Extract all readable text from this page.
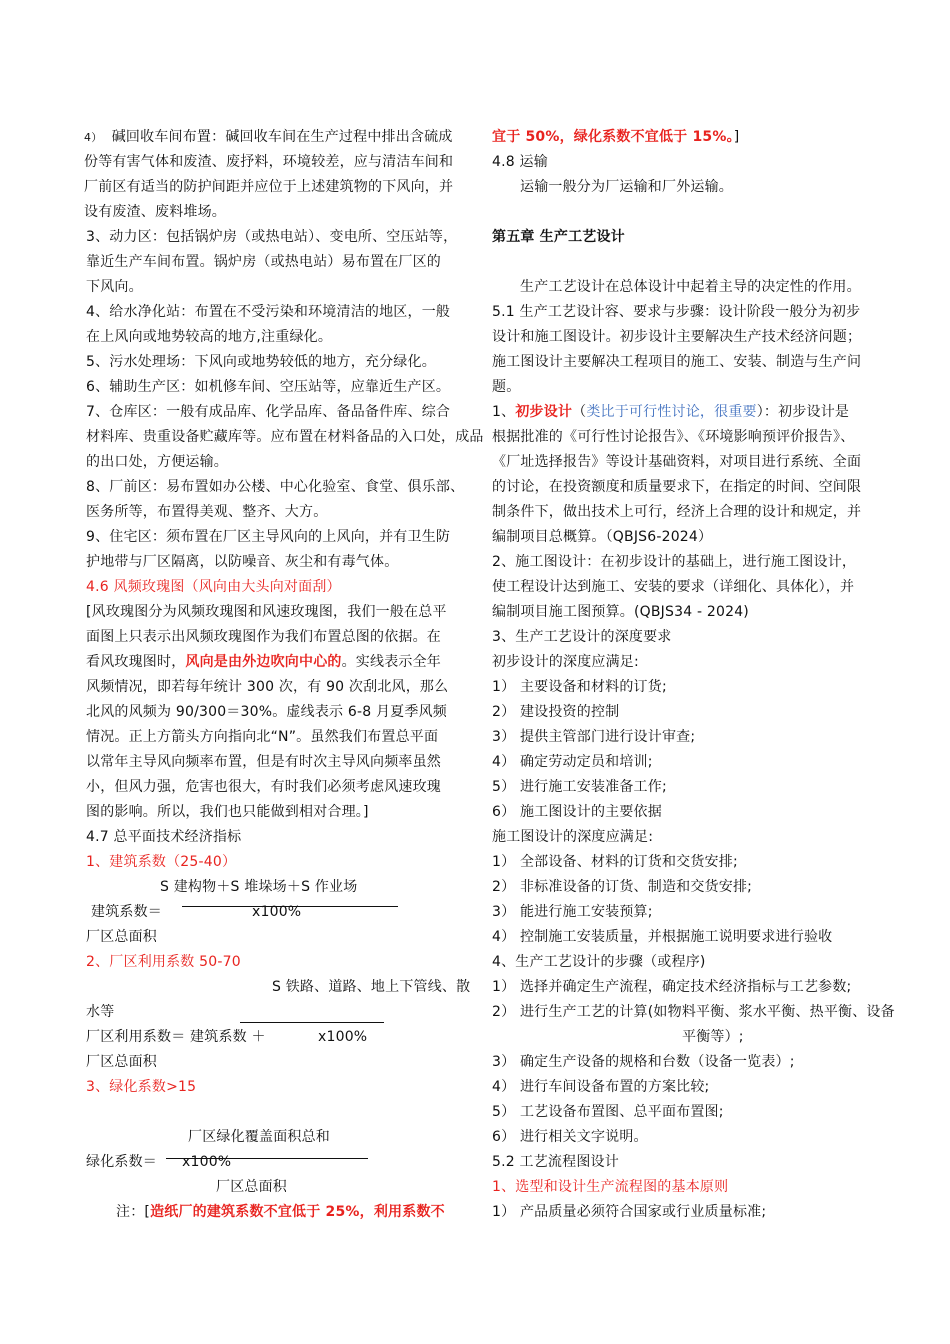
4） 碱回收车间布置：碱回收车间在生产过程中排出含硫成
份等有害气体和废渣、废抒料，环境较差，应与清洁车间和
厂前区有适当的防护间距并应位于上述建筑物的下风向，并
设有废渣、废料堆场。
3、动力区：包括锅炉房（或热电站）、变电所、空压站等，
靠近生产车间布置。锅炉房（或热电站）易布置在厂区的
下风向。
4、给水净化站：布置在不受污染和环境清洁的地区，一般
在上风向或地势较高的地方,注重绿化。
5、污水处理场：下风向或地势较低的地方，充分绿化。
6、辅助生产区：如机修车间、空压站等，应靠近生产区。
7、仓库区：一般有成品库、化学品库、备品备件库、综合
材料库、贵重设备贮藏库等。应布置在材料备品的入口处，成品
的出口处，方便运输。
8、厂前区：易布置如办公楼、中心化验室、食堂、俱乐部、
医务所等，布置得美观、整齐、大方。
9、住宅区：须布置在厂区主导风向的上风向，并有卫生防
护地带与厂区隔离，以防噪音、灰尘和有毒气体。
4.6 风频玫瑰图（风向由大头向对面刮）
[风玫瑰图分为风频玫瑰图和风速玫瑰图，我们一般在总平
面图上只表示出风频玫瑰图作为我们布置总图的依据。在
看风玫瑰图时，风向是由外边吹向中心的。实线表示全年
风频情况，即若每年统计 300 次，有 90 次刮北风，那么
北风的风频为 90/300＝30%。虚线表示 6-8 月夏季风频
情况。正上方箭头方向指向北“N”。虽然我们布置总平面
以常年主导风向频率布置，但是有时次主导风向频率虽然
小，但风力强，危害也很大，有时我们必须考虑风速玫瑰
图的影响。所以，我们也只能做到相对合理。]
4.7 总平面技术经济指标
1、建筑系数（25-40）
S 建构物＋S 堆垛场＋S 作业场
建筑系数＝	x100%
厂区总面积
2、厂区利用系数 50-70
S 铁路、道路、地上下管线、散
水等
厂区利用系数＝ 建筑系数 ＋	x100%
厂区总面积
3、绿化系数>15
厂区绿化覆盖面积总和
绿化系数＝ x100%
厂区总面积
注：[造纸厂的建筑系数不宜低于 25%，利用系数不
宜于 50%，绿化系数不宜低于 15%。]
4.8 运输
运输一般分为厂运输和厂外运输。
第五章 生产工艺设计
生产工艺设计在总体设计中起着主导的决定性的作用。
5.1 生产工艺设计容、要求与步骤：设计阶段一般分为初步
设计和施工图设计。初步设计主要解决生产技术经济问题；
施工图设计主要解决工程项目的施工、安装、制造与生产问
题。
1、初步设计（类比于可行性讨论，很重要）：初步设计是
根据批准的《可行性讨论报告》、《环境影响预评价报告》、
《厂址选择报告》等设计基础资料，对项目进行系统、全面
的讨论，在投资额度和质量要求下，在指定的时间、空间限
制条件下，做出技术上可行，经济上合理的设计和规定，并
编制项目总概算。（QBJS6-2024）
2、施工图设计：在初步设计的基础上，进行施工图设计，
使工程设计达到施工、安装的要求（详细化、具体化），并
编制项目施工图预算。(QBJS34 - 2024)
3、生产工艺设计的深度要求
初步设计的深度应满足:
1） 主要设备和材料的订货;
2） 建设投资的控制
3） 提供主管部门进行设计审查;
4） 确定劳动定员和培训;
5） 进行施工安装准备工作;
6） 施工图设计的主要依据
施工图设计的深度应满足:
1） 全部设备、材料的订货和交货安排;
2） 非标准设备的订货、制造和交货安排;
3） 能进行施工安装预算;
4） 控制施工安装质量，并根据施工说明要求进行验收
4、生产工艺设计的步骤（或程序)
1） 选择并确定生产流程，确定技术经济指标与工艺参数;
2） 进行生产工艺的计算(如物料平衡、浆水平衡、热平衡、设备
平衡等）;
3） 确定生产设备的规格和台数（设备一览表）;
4） 进行车间设备布置的方案比较;
5） 工艺设备布置图、总平面布置图;
6） 进行相关文字说明。
5.2 工艺流程图设计
1、选型和设计生产流程图的基本原则
1） 产品质量必须符合国家或行业质量标准;
